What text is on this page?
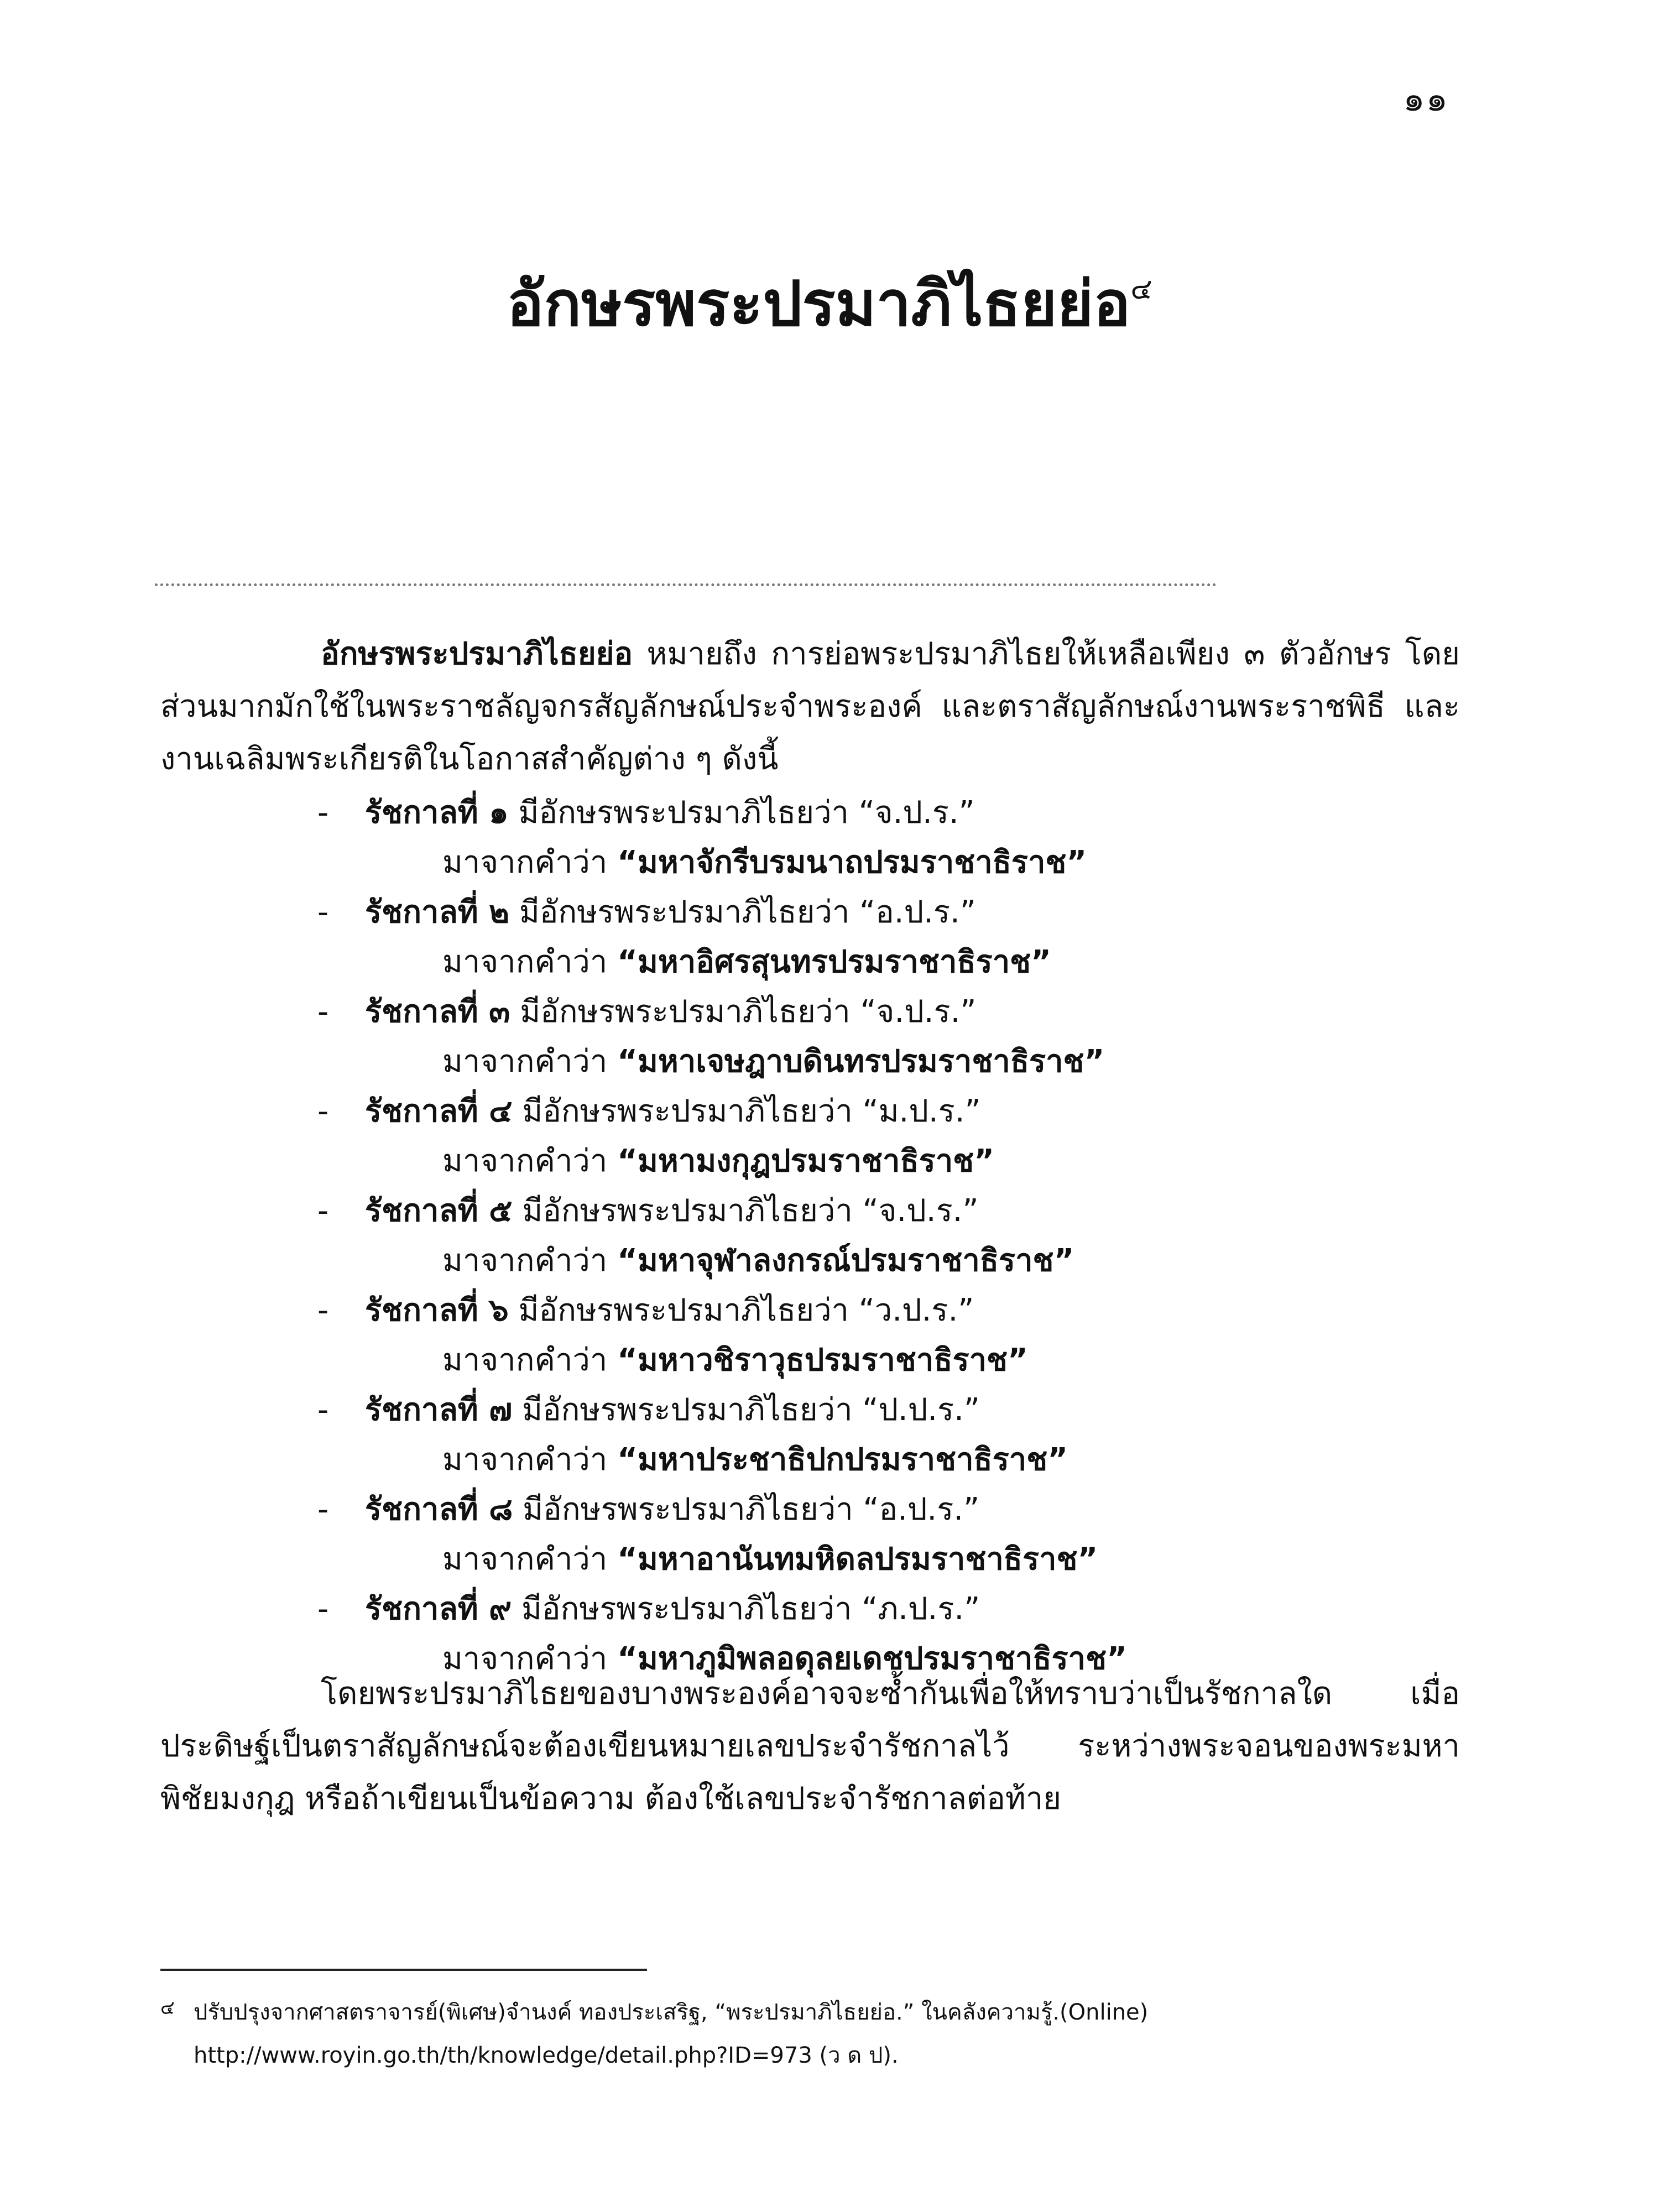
๑๑
อักษรพระปรมาภิไธยย่อ$^๔$

อักษรพระปรมาภิไธยย่อ หมายถึง การย่อพระปรมาภิไธยให้เหลือเพียง ๓ ตัวอักษร โดยส่วนมากมักใช้ในพระราชลัญจกรสัญลักษณ์ประจำพระองค์ และตราสัญลักษณ์งานพระราชพิธี และงานเฉลิมพระเกียรติในโอกาสสำคัญต่าง ๆ ดังนี้

- รัชกาลที่ ๑ มีอักษรพระปรมาภิไธยว่า “จ.ป.ร.”
มาจากคำว่า “มหาจักรีบรมนาถปรมราชาธิราช”
- รัชกาลที่ ๒ มีอักษรพระปรมาภิไธยว่า “อ.ป.ร.”
มาจากคำว่า “มหาอิศรสุนทรปรมราชาธิราช”
- รัชกาลที่ ๓ มีอักษรพระปรมาภิไธยว่า “จ.ป.ร.”
มาจากคำว่า “มหาเจษฎาบดินทรปรมราชาธิราช”
- รัชกาลที่ ๔ มีอักษรพระปรมาภิไธยว่า “ม.ป.ร.”
มาจากคำว่า “มหามงกุฎปรมราชาธิราช”
- รัชกาลที่ ๕ มีอักษรพระปรมาภิไธยว่า “จ.ป.ร.”
มาจากคำว่า “มหาจุฬาลงกรณ์ปรมราชาธิราช”
- รัชกาลที่ ๖ มีอักษรพระปรมาภิไธยว่า “ว.ป.ร.”
มาจากคำว่า “มหาวชิราวุธปรมราชาธิราช”
- รัชกาลที่ ๗ มีอักษรพระปรมาภิไธยว่า “ป.ป.ร.”
มาจากคำว่า “มหาประชาธิปกปรมราชาธิราช”
- รัชกาลที่ ๘ มีอักษรพระปรมาภิไธยว่า “อ.ป.ร.”
มาจากคำว่า “มหาอานันทมหิดลปรมราชาธิราช”
- รัชกาลที่ ๙ มีอักษรพระปรมาภิไธยว่า “ภ.ป.ร.”
มาจากคำว่า “มหาภูมิพลอดุลยเดชปรมราชาธิราช”

โดยพระปรมาภิไธยของบางพระองค์อาจจะซ้ำกันเพื่อให้ทราบว่าเป็นรัชกาลใด เมื่อประดิษฐ์เป็นตราสัญลักษณ์จะต้องเขียนหมายเลขประจำรัชกาลไว้ ระหว่างพระจอนของพระมหาพิชัยมงกุฎ หรือถ้าเขียนเป็นข้อความ ต้องใช้เลขประจำรัชกาลต่อท้าย

๔ ปรับปรุงจากศาสตราจารย์(พิเศษ)จำนงค์ ทองประเสริฐ, “พระปรมาภิไธยย่อ.” ในคลังความรู้.(Online) http://www.royin.go.th/th/knowledge/detail.php?ID=973 (ว ด ป).
